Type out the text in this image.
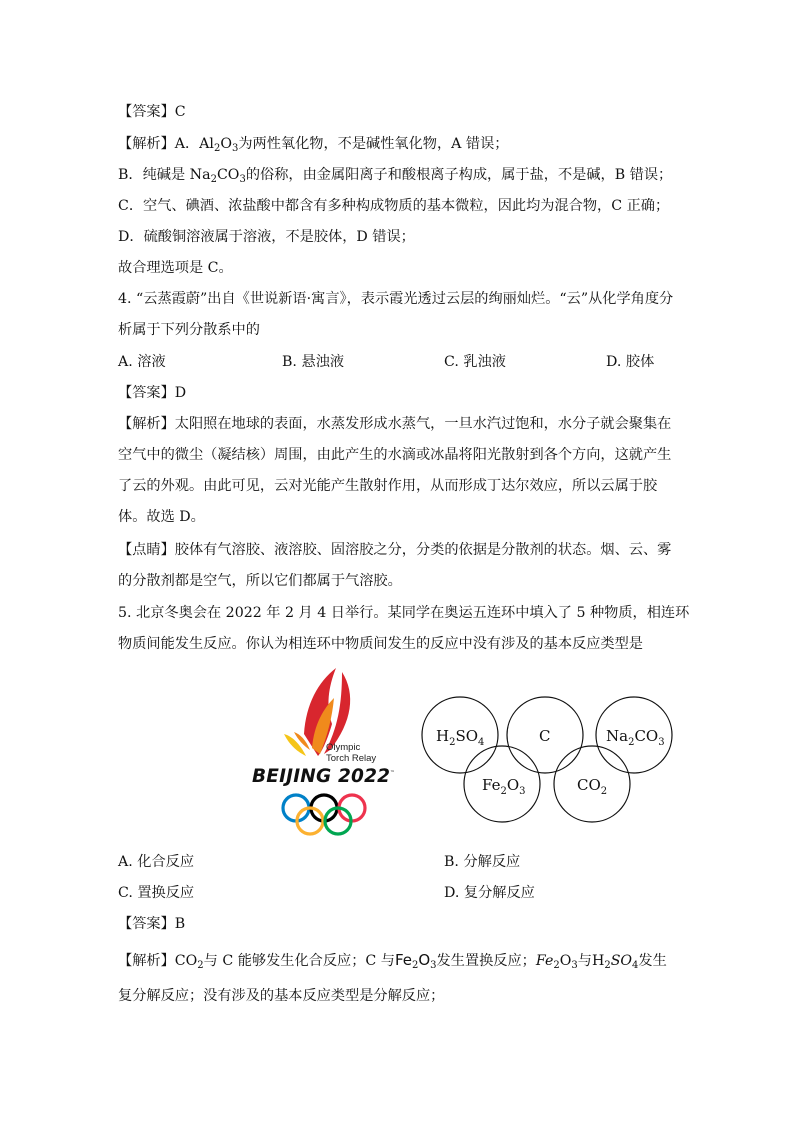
【答案】C
【解析】A．$Al_2O_3$为两性氧化物，不是碱性氧化物，A 错误；
B．纯碱是 $Na_2CO_3$的俗称，由金属阳离子和酸根离子构成，属于盐，不是碱，B 错误；
C．空气、碘酒、浓盐酸中都含有多种构成物质的基本微粒，因此均为混合物，C 正确；
D．硫酸铜溶液属于溶液，不是胶体，D 错误；
故合理选项是 C。
4. “云蒸霞蔚”出自《世说新语·寓言》，表示霞光透过云层的绚丽灿烂。“云”从化学角度分
析属于下列分散系中的
A. 溶液	B. 悬浊液	C. 乳浊液	D. 胶体
【答案】D
【解析】太阳照在地球的表面，水蒸发形成水蒸气，一旦水汽过饱和，水分子就会聚集在
空气中的微尘（凝结核）周围，由此产生的水滴或冰晶将阳光散射到各个方向，这就产生
了云的外观。由此可见，云对光能产生散射作用，从而形成丁达尔效应，所以云属于胶
体。故选 D。
【点睛】胶体有气溶胶、液溶胶、固溶胶之分，分类的依据是分散剂的状态。烟、云、雾
的分散剂都是空气，所以它们都属于气溶胶。
5. 北京冬奥会在 2022 年 2 月 4 日举行。某同学在奥运五连环中填入了 5 种物质，相连环
物质间能发生反应。你认为相连环中物质间发生的反应中没有涉及的基本反应类型是
Olympic
Torch Relay
BEIJING 2022 ™
$H_2SO_4$	C	$Na_2CO_3$
$Fe_2O_3$	$CO_2$
A. 化合反应	B. 分解反应
C. 置换反应	D. 复分解反应
【答案】B
【解析】$CO_2$与 C 能够发生化合反应；C 与$Fe_2O_3$发生置换反应；$Fe_2O_3$与$H_2SO_4$发生
复分解反应；没有涉及的基本反应类型是分解反应；
